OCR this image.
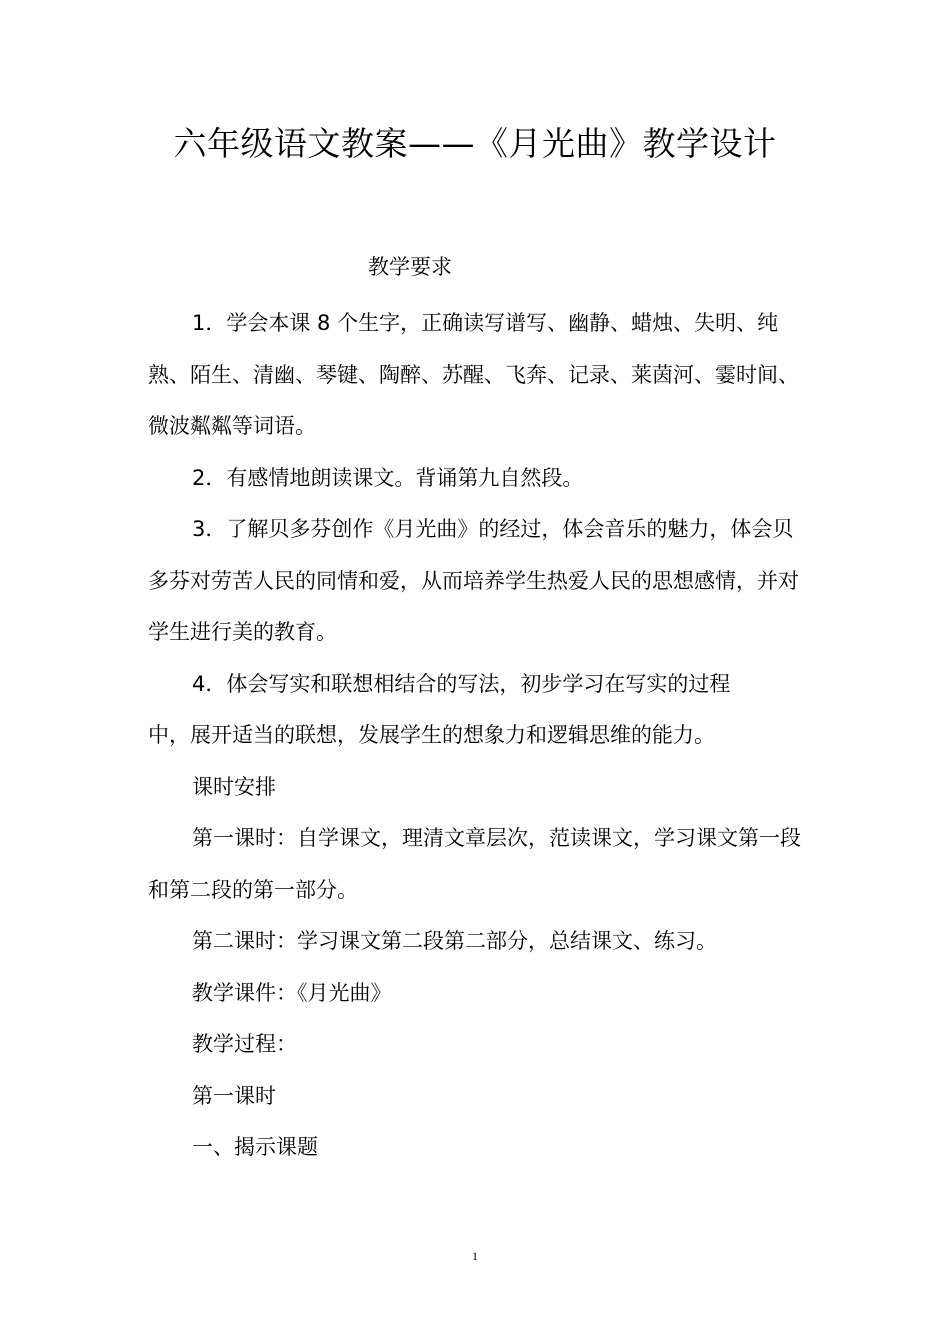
六年级语文教案——《月光曲》教学设计
教学要求

1．学会本课 8 个生字，正确读写谱写、幽静、蜡烛、失明、纯熟、陌生、清幽、琴键、陶醉、苏醒、飞奔、记录、莱茵河、霎时间、微波粼粼等词语。

2．有感情地朗读课文。背诵第九自然段。

3．了解贝多芬创作《月光曲》的经过，体会音乐的魅力，体会贝多芬对劳苦人民的同情和爱，从而培养学生热爱人民的思想感情，并对学生进行美的教育。

4．体会写实和联想相结合的写法，初步学习在写实的过程中，展开适当的联想，发展学生的想象力和逻辑思维的能力。

课时安排

第一课时：自学课文，理清文章层次，范读课文，学习课文第一段和第二段的第一部分。

第二课时：学习课文第二段第二部分，总结课文、练习。

教学课件：《月光曲》

教学过程：

第一课时

一、揭示课题

1
